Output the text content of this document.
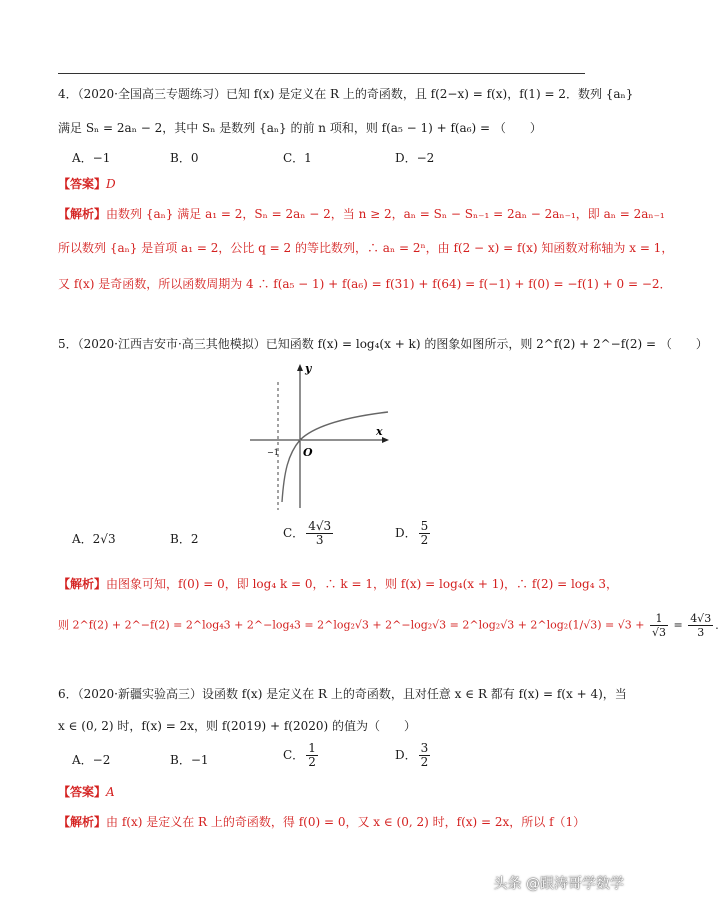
4．（2020·全国高三专题练习）已知 f(x) 是定义在 R 上的奇函数，且 f(2−x) = f(x)，f(1) = 2．数列 {aₙ}
满足 Sₙ = 2aₙ − 2，其中 Sₙ 是数列 {aₙ} 的前 n 项和，则 f(a₅ − 1) + f(a₆) = （　　）
A．−1	B．0	C．1	D．−2
【答案】D
【解析】由数列 {aₙ} 满足 a₁ = 2，Sₙ = 2aₙ − 2，当 n ≥ 2，aₙ = Sₙ − Sₙ₋₁ = 2aₙ − 2aₙ₋₁，即 aₙ = 2aₙ₋₁
所以数列 {aₙ} 是首项 a₁ = 2，公比 q = 2 的等比数列，∴ aₙ = 2ⁿ，由 f(2 − x) = f(x) 知函数对称轴为 x = 1，
又 f(x) 是奇函数，所以函数周期为 4 ∴ f(a₅ − 1) + f(a₆) = f(31) + f(64) = f(−1) + f(0) = −f(1) + 0 = −2．
5．（2020·江西吉安市·高三其他模拟）已知函数 f(x) = log₄(x + k) 的图象如图所示，则 2^f(2) + 2^−f(2) = （　　）
y
x
O
−1
A．2√3	B．2	C． $\frac{4√3}{3}$	D． $\frac{5}{2}$
【解析】由图象可知，f(0) = 0，即 log₄ k = 0，∴ k = 1，则 f(x) = log₄(x + 1)，∴ f(2) = log₄ 3，
则 2^f(2) + 2^−f(2) = 2^log₄3 + 2^−log₄3 = 2^log₂√3 + 2^−log₂√3 = 2^log₂√3 + 2^log₂(1/√3) = $√3 + \frac{1}{√3} = \frac{4√3}{3}$ ．
6．（2020·新疆实验高三）设函数 f(x) 是定义在 R 上的奇函数，且对任意 x ∈ R 都有 f(x) = f(x + 4)，当
x ∈ (0, 2) 时，f(x) = 2x，则 f(2019) + f(2020) 的值为（　　）
A．−2	B．−1	C． $\frac{1}{2}$	D． $\frac{3}{2}$
【答案】A
【解析】由 f(x) 是定义在 R 上的奇函数，得 f(0) = 0，又 x ∈ (0, 2) 时，f(x) = 2x，所以 f（1）
头条 @跟涛哥学数学
